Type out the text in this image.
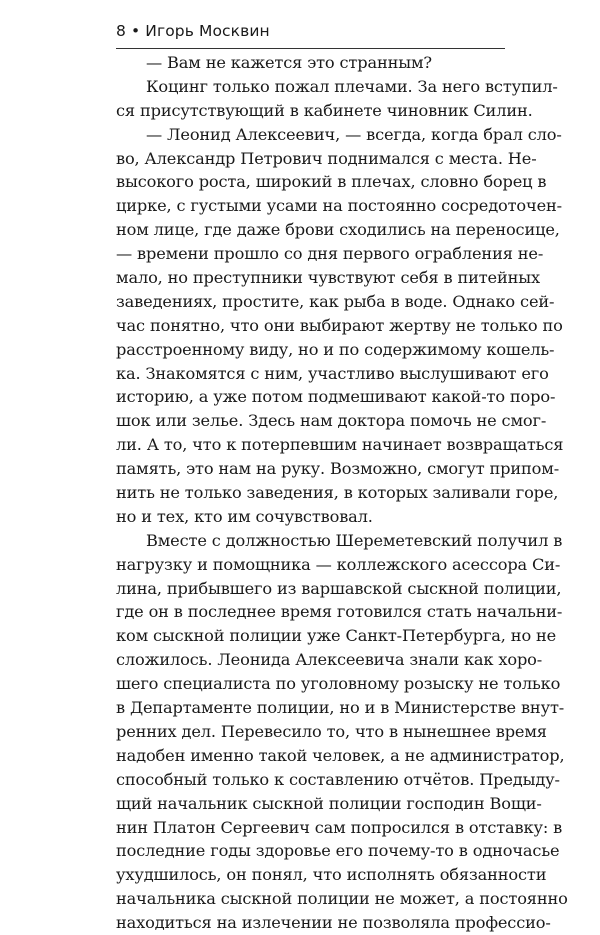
8 • Игорь Москвин
— Вам не кажется это странным?
Коцинг только пожал плечами. За него вступил-
ся присутствующий в кабинете чиновник Силин.
— Леонид Алексеевич, — всегда, когда брал сло-
во, Александр Петрович поднимался с места. Не-
высокого роста, широкий в плечах, словно борец в
цирке, с густыми усами на постоянно сосредоточен-
ном лице, где даже брови сходились на переносице,
— времени прошло со дня первого ограбления не-
мало, но преступники чувствуют себя в питейных
заведениях, простите, как рыба в воде. Однако сей-
час понятно, что они выбирают жертву не только по
расстроенному виду, но и по содержимому кошель-
ка. Знакомятся с ним, участливо выслушивают его
историю, а уже потом подмешивают какой-то порo-
шок или зелье. Здесь нам доктора помочь не смог-
ли. А то, что к потерпевшим начинает возвращаться
память, это нам на руку. Возможно, смогут припом-
нить не только заведения, в которых заливали горе,
но и тех, кто им сочувствовал.
Вместе с должностью Шереметевский получил в
нагрузку и помощника — коллежского асессора Си-
лина, прибывшего из варшавской сыскной полиции,
где он в последнее время готовился стать начальни-
ком сыскной полиции уже Санкт-Петербурга, но не
сложилось. Леонида Алексеевича знали как хоро-
шего специалиста по уголовному розыску не только
в Департаменте полиции, но и в Министерстве внут-
ренних дел. Перевесило то, что в нынешнее время
надобен именно такой человек, а не администратор,
способный только к составлению отчётов. Предыду-
щий начальник сыскной полиции господин Вощи-
нин Платон Сергеевич сам попросился в отставку: в
последние годы здоровье его почему-то в одночасье
ухудшилось, он понял, что исполнять обязанности
начальника сыскной полиции не может, а постоянно
находиться на излечении не позволяла профессио-
